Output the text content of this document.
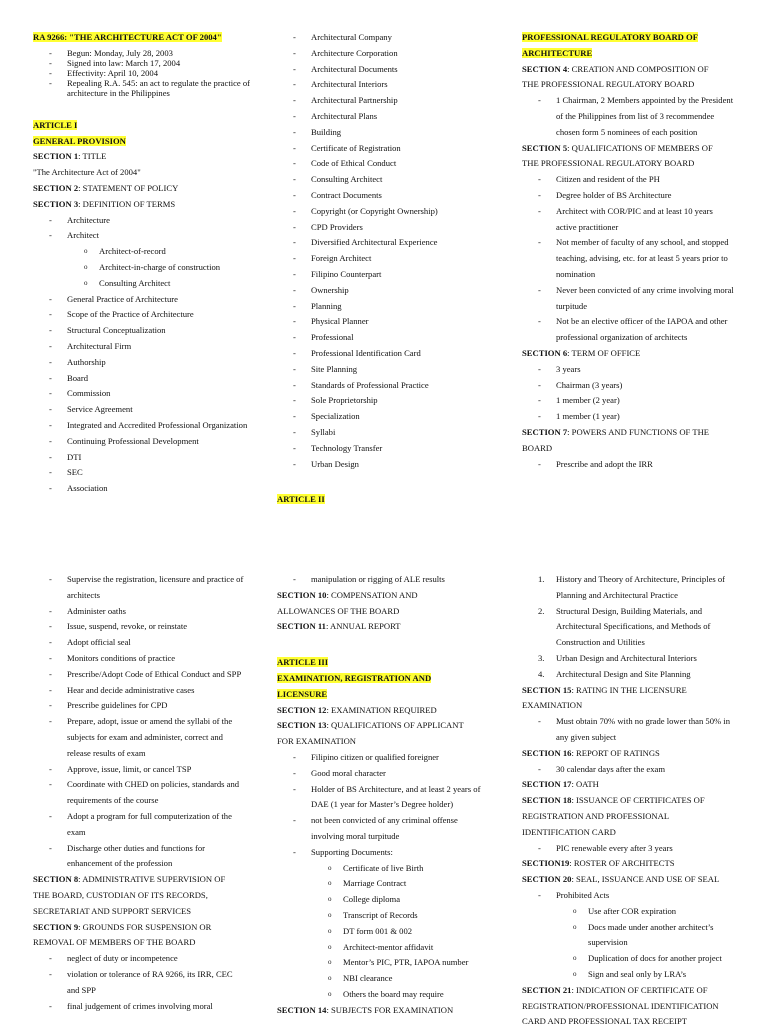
RA 9266: "THE ARCHITECTURE ACT OF 2004"
- Begun: Monday, July 28, 2003
- Signed into law: March 17, 2004
- Effectivity: April 10, 2004
- Repealing R.A. 545: an act to regulate the practice of architecture in the Philippines
ARTICLE I
GENERAL PROVISION
SECTION 1: TITLE
"The Architecture Act of 2004"
SECTION 2: STATEMENT OF POLICY
SECTION 3: DEFINITION OF TERMS
- Architecture
- Architect
o Architect-of-record
o Architect-in-charge of construction
o Consulting Architect
- General Practice of Architecture
- Scope of the Practice of Architecture
- Structural Conceptualization
- Architectural Firm
- Authorship
- Board
- Commission
- Service Agreement
- Integrated and Accredited Professional Organization
- Continuing Professional Development
- DTI
- SEC
- Association
- Architectural Company
- Architecture Corporation
- Architectural Documents
- Architectural Interiors
- Architectural Partnership
- Architectural Plans
- Building
- Certificate of Registration
- Code of Ethical Conduct
- Consulting Architect
- Contract Documents
- Copyright (or Copyright Ownership)
- CPD Providers
- Diversified Architectural Experience
- Foreign Architect
- Filipino Counterpart
- Ownership
- Planning
- Physical Planner
- Professional
- Professional Identification Card
- Site Planning
- Standards of Professional Practice
- Sole Proprietorship
- Specialization
- Syllabi
- Technology Transfer
- Urban Design
ARTICLE II
PROFESSIONAL REGULATORY BOARD OF
ARCHITECTURE
SECTION 4: CREATION AND COMPOSITION OF
THE PROFESSIONAL REGULATORY BOARD
- 1 Chairman, 2 Members appointed by the President of the Philippines from list of 3 recommendee chosen form 5 nominees of each position
SECTION 5: QUALIFICATIONS OF MEMBERS OF
THE PROFESSIONAL REGULATORY BOARD
- Citizen and resident of the PH
- Degree holder of BS Architecture
- Architect with COR/PIC and at least 10 years active practitioner
- Not member of faculty of any school, and stopped teaching, advising, etc. for at least 5 years prior to nomination
- Never been convicted of any crime involving moral turpitude
- Not be an elective officer of the IAPOA and other professional organization of architects
SECTION 6: TERM OF OFFICE
- 3 years
- Chairman (3 years)
- 1 member (2 year)
- 1 member (1 year)
SECTION 7: POWERS AND FUNCTIONS OF THE
BOARD
- Prescribe and adopt the IRR
- Supervise the registration, licensure and practice of architects
- Administer oaths
- Issue, suspend, revoke, or reinstate
- Adopt official seal
- Monitors conditions of practice
- Prescribe/Adopt Code of Ethical Conduct and SPP
- Hear and decide administrative cases
- Prescribe guidelines for CPD
- Prepare, adopt, issue or amend the syllabi of the subjects for exam and administer, correct and release results of exam
- Approve, issue, limit, or cancel TSP
- Coordinate with CHED on policies, standards and requirements of the course
- Adopt a program for full computerization of the exam
- Discharge other duties and functions for enhancement of the profession
SECTION 8: ADMINISTRATIVE SUPERVISION OF
THE BOARD, CUSTODIAN OF ITS RECORDS,
SECRETARIAT AND SUPPORT SERVICES
SECTION 9: GROUNDS FOR SUSPENSION OR
REMOVAL OF MEMBERS OF THE BOARD
- neglect of duty or incompetence
- violation or tolerance of RA 9266, its IRR, CEC and SPP
- final judgement of crimes involving moral
- manipulation or rigging of ALE results
SECTION 10: COMPENSATION AND
ALLOWANCES OF THE BOARD
SECTION 11: ANNUAL REPORT
ARTICLE III
EXAMINATION, REGISTRATION AND
LICENSURE
SECTION 12: EXAMINATION REQUIRED
SECTION 13: QUALIFICATIONS OF APPLICANT
FOR EXAMINATION
- Filipino citizen or qualified foreigner
- Good moral character
- Holder of BS Architecture, and at least 2 years of DAE (1 year for Master’s Degree holder)
- not been convicted of any criminal offense involving moral turpitude
- Supporting Documents:
o Certificate of live Birth
o Marriage Contract
o College diploma
o Transcript of Records
o DT form 001 & 002
o Architect-mentor affidavit
o Mentor’s PIC, PTR, IAPOA number
o NBI clearance
o Others the board may require
SECTION 14: SUBJECTS FOR EXAMINATION
1. History and Theory of Architecture, Principles of Planning and Architectural Practice
2. Structural Design, Building Materials, and Architectural Specifications, and Methods of Construction and Utilities
3. Urban Design and Architectural Interiors
4. Architectural Design and Site Planning
SECTION 15: RATING IN THE LICENSURE
EXAMINATION
- Must obtain 70% with no grade lower than 50% in any given subject
SECTION 16: REPORT OF RATINGS
- 30 calendar days after the exam
SECTION 17: OATH
SECTION 18: ISSUANCE OF CERTIFICATES OF
REGISTRATION AND PROFESSIONAL
IDENTIFICATION CARD
- PIC renewable every after 3 years
SECTION19: ROSTER OF ARCHITECTS
SECTION 20: SEAL, ISSUANCE AND USE OF SEAL
- Prohibited Acts
o Use after COR expiration
o Docs made under another architect’s supervision
o Duplication of docs for another project
o Sign and seal only by LRA’s
SECTION 21: INDICATION OF CERTIFICATE OF
REGISTRATION/PROFESSIONAL IDENTIFICATION
CARD AND PROFESSIONAL TAX RECEIPT
